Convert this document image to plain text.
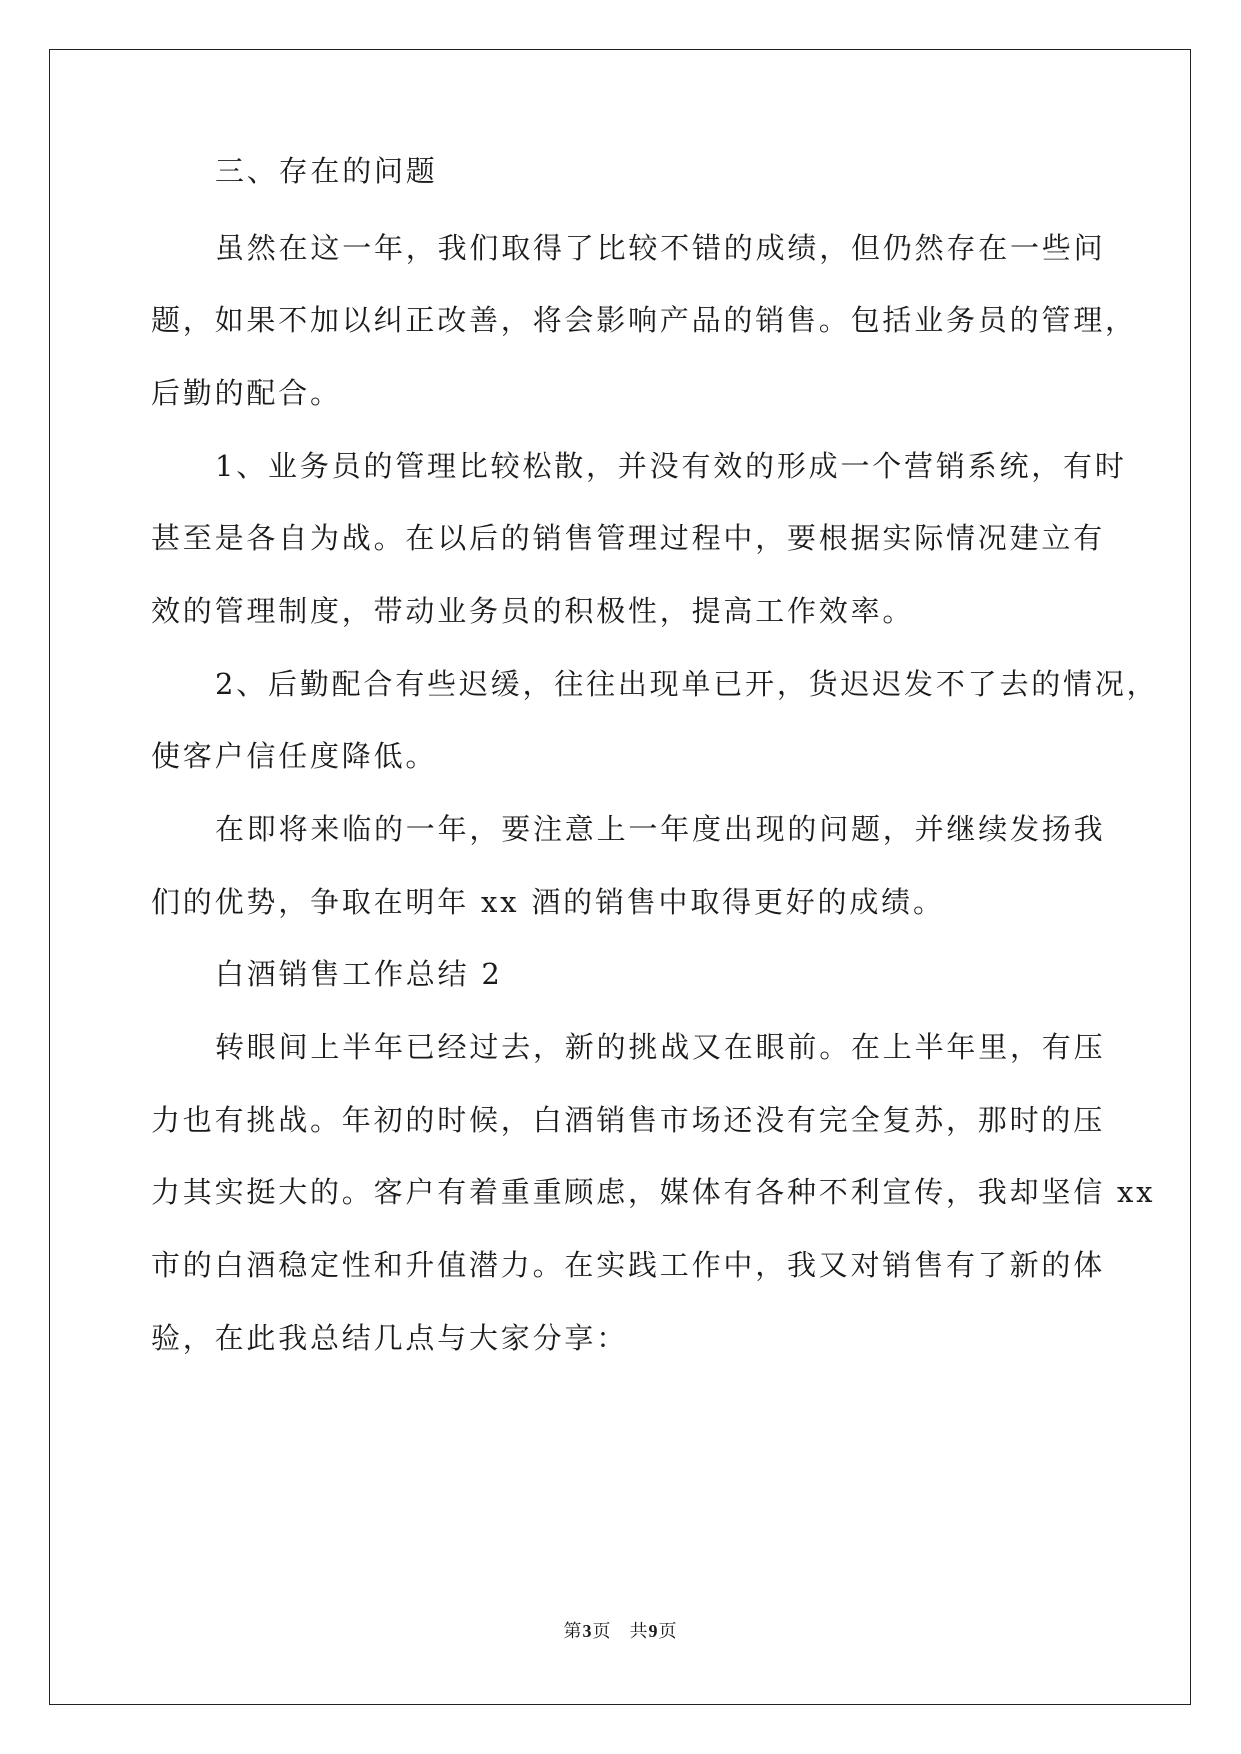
三、存在的问题
虽然在这一年，我们取得了比较不错的成绩，但仍然存在一些问
题，如果不加以纠正改善，将会影响产品的销售。包括业务员的管理，
后勤的配合。
1、业务员的管理比较松散，并没有效的形成一个营销系统，有时
甚至是各自为战。在以后的销售管理过程中，要根据实际情况建立有
效的管理制度，带动业务员的积极性，提高工作效率。
2、后勤配合有些迟缓，往往出现单已开，货迟迟发不了去的情况，
使客户信任度降低。
在即将来临的一年，要注意上一年度出现的问题，并继续发扬我
们的优势，争取在明年 xx 酒的销售中取得更好的成绩。
白酒销售工作总结 2
转眼间上半年已经过去，新的挑战又在眼前。在上半年里，有压
力也有挑战。年初的时候，白酒销售市场还没有完全复苏，那时的压
力其实挺大的。客户有着重重顾虑，媒体有各种不利宣传，我却坚信 xx
市的白酒稳定性和升值潜力。在实践工作中，我又对销售有了新的体
验，在此我总结几点与大家分享：
第3页 共9页
